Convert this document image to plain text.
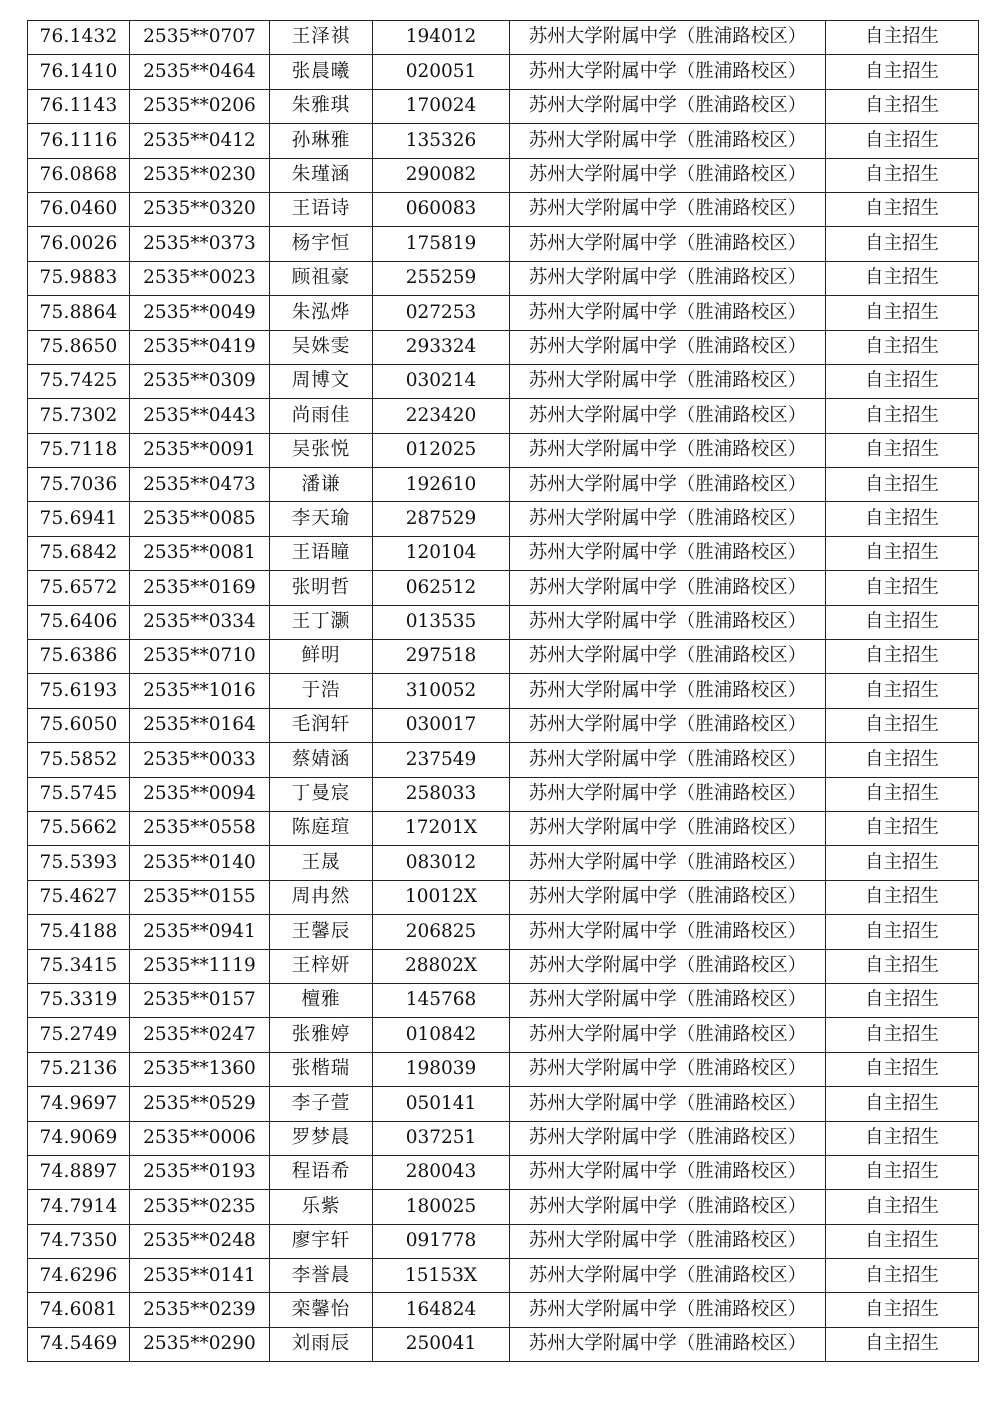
76.1432	2535**0707	王泽祺	194012	苏州大学附属中学（胜浦路校区）	自主招生
76.1410	2535**0464	张晨曦	020051	苏州大学附属中学（胜浦路校区）	自主招生
76.1143	2535**0206	朱雅琪	170024	苏州大学附属中学（胜浦路校区）	自主招生
76.1116	2535**0412	孙琳雅	135326	苏州大学附属中学（胜浦路校区）	自主招生
76.0868	2535**0230	朱瑾涵	290082	苏州大学附属中学（胜浦路校区）	自主招生
76.0460	2535**0320	王语诗	060083	苏州大学附属中学（胜浦路校区）	自主招生
76.0026	2535**0373	杨宇恒	175819	苏州大学附属中学（胜浦路校区）	自主招生
75.9883	2535**0023	顾祖豪	255259	苏州大学附属中学（胜浦路校区）	自主招生
75.8864	2535**0049	朱泓烨	027253	苏州大学附属中学（胜浦路校区）	自主招生
75.8650	2535**0419	吴姝雯	293324	苏州大学附属中学（胜浦路校区）	自主招生
75.7425	2535**0309	周博文	030214	苏州大学附属中学（胜浦路校区）	自主招生
75.7302	2535**0443	尚雨佳	223420	苏州大学附属中学（胜浦路校区）	自主招生
75.7118	2535**0091	吴张悦	012025	苏州大学附属中学（胜浦路校区）	自主招生
75.7036	2535**0473	潘谦	192610	苏州大学附属中学（胜浦路校区）	自主招生
75.6941	2535**0085	李天瑜	287529	苏州大学附属中学（胜浦路校区）	自主招生
75.6842	2535**0081	王语瞳	120104	苏州大学附属中学（胜浦路校区）	自主招生
75.6572	2535**0169	张明哲	062512	苏州大学附属中学（胜浦路校区）	自主招生
75.6406	2535**0334	王丁灏	013535	苏州大学附属中学（胜浦路校区）	自主招生
75.6386	2535**0710	鲜明	297518	苏州大学附属中学（胜浦路校区）	自主招生
75.6193	2535**1016	于浩	310052	苏州大学附属中学（胜浦路校区）	自主招生
75.6050	2535**0164	毛润轩	030017	苏州大学附属中学（胜浦路校区）	自主招生
75.5852	2535**0033	蔡婧涵	237549	苏州大学附属中学（胜浦路校区）	自主招生
75.5745	2535**0094	丁曼宸	258033	苏州大学附属中学（胜浦路校区）	自主招生
75.5662	2535**0558	陈庭瑄	17201X	苏州大学附属中学（胜浦路校区）	自主招生
75.5393	2535**0140	王晟	083012	苏州大学附属中学（胜浦路校区）	自主招生
75.4627	2535**0155	周冉然	10012X	苏州大学附属中学（胜浦路校区）	自主招生
75.4188	2535**0941	王馨辰	206825	苏州大学附属中学（胜浦路校区）	自主招生
75.3415	2535**1119	王梓妍	28802X	苏州大学附属中学（胜浦路校区）	自主招生
75.3319	2535**0157	檀雅	145768	苏州大学附属中学（胜浦路校区）	自主招生
75.2749	2535**0247	张雅婷	010842	苏州大学附属中学（胜浦路校区）	自主招生
75.2136	2535**1360	张楷瑞	198039	苏州大学附属中学（胜浦路校区）	自主招生
74.9697	2535**0529	李子萱	050141	苏州大学附属中学（胜浦路校区）	自主招生
74.9069	2535**0006	罗梦晨	037251	苏州大学附属中学（胜浦路校区）	自主招生
74.8897	2535**0193	程语希	280043	苏州大学附属中学（胜浦路校区）	自主招生
74.7914	2535**0235	乐紫	180025	苏州大学附属中学（胜浦路校区）	自主招生
74.7350	2535**0248	廖宇轩	091778	苏州大学附属中学（胜浦路校区）	自主招生
74.6296	2535**0141	李誉晨	15153X	苏州大学附属中学（胜浦路校区）	自主招生
74.6081	2535**0239	栾馨怡	164824	苏州大学附属中学（胜浦路校区）	自主招生
74.5469	2535**0290	刘雨辰	250041	苏州大学附属中学（胜浦路校区）	自主招生
